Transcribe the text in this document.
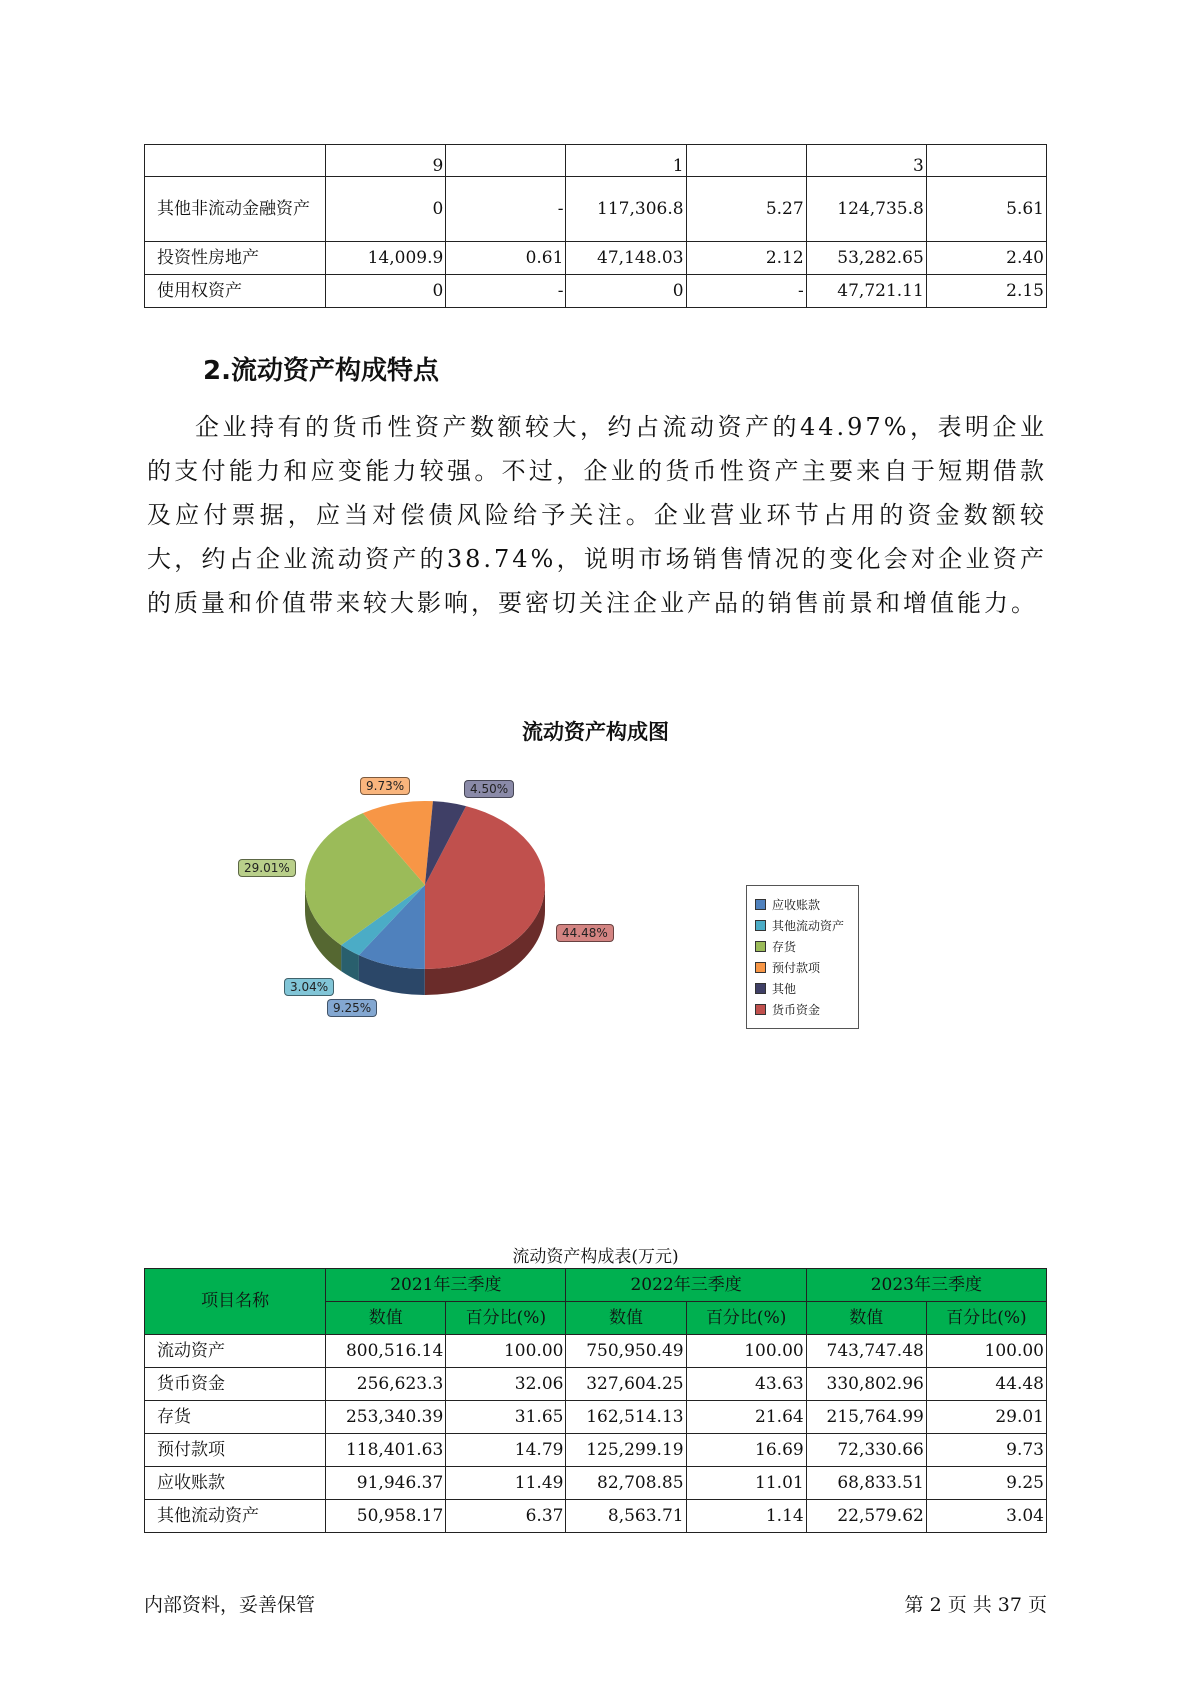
	9		1		3	
其他非流动金融资产	0	-	117,306.8	5.27	124,735.8	5.61
投资性房地产	14,009.9	0.61	47,148.03	2.12	53,282.65	2.40
使用权资产	0	-	0	-	47,721.11	2.15
2.流动资产构成特点
企业持有的货币性资产数额较大，约占流动资产的44.97%，表明企业的支付能力和应变能力较强。不过，企业的货币性资产主要来自于短期借款及应付票据，应当对偿债风险给予关注。企业营业环节占用的资金数额较大，约占企业流动资产的38.74%，说明市场销售情况的变化会对企业资产的质量和价值带来较大影响，要密切关注企业产品的销售前景和增值能力。
流动资产构成图
9.25%
3.04%
29.01%
9.73%	4.50%
44.48%
应收账款
其他流动资产
存货
预付款项
其他
货币资金
流动资产构成表(万元)
项目名称	2021年三季度		2022年三季度		2023年三季度	
	数值	百分比(%)	数值	百分比(%)	数值	百分比(%)
流动资产	800,516.14	100.00	750,950.49	100.00	743,747.48	100.00
货币资金	256,623.3	32.06	327,604.25	43.63	330,802.96	44.48
存货	253,340.39	31.65	162,514.13	21.64	215,764.99	29.01
预付款项	118,401.63	14.79	125,299.19	16.69	72,330.66	9.73
应收账款	91,946.37	11.49	82,708.85	11.01	68,833.51	9.25
其他流动资产	50,958.17	6.37	8,563.71	1.14	22,579.62	3.04
内部资料，妥善保管	第 2 页 共 37 页
